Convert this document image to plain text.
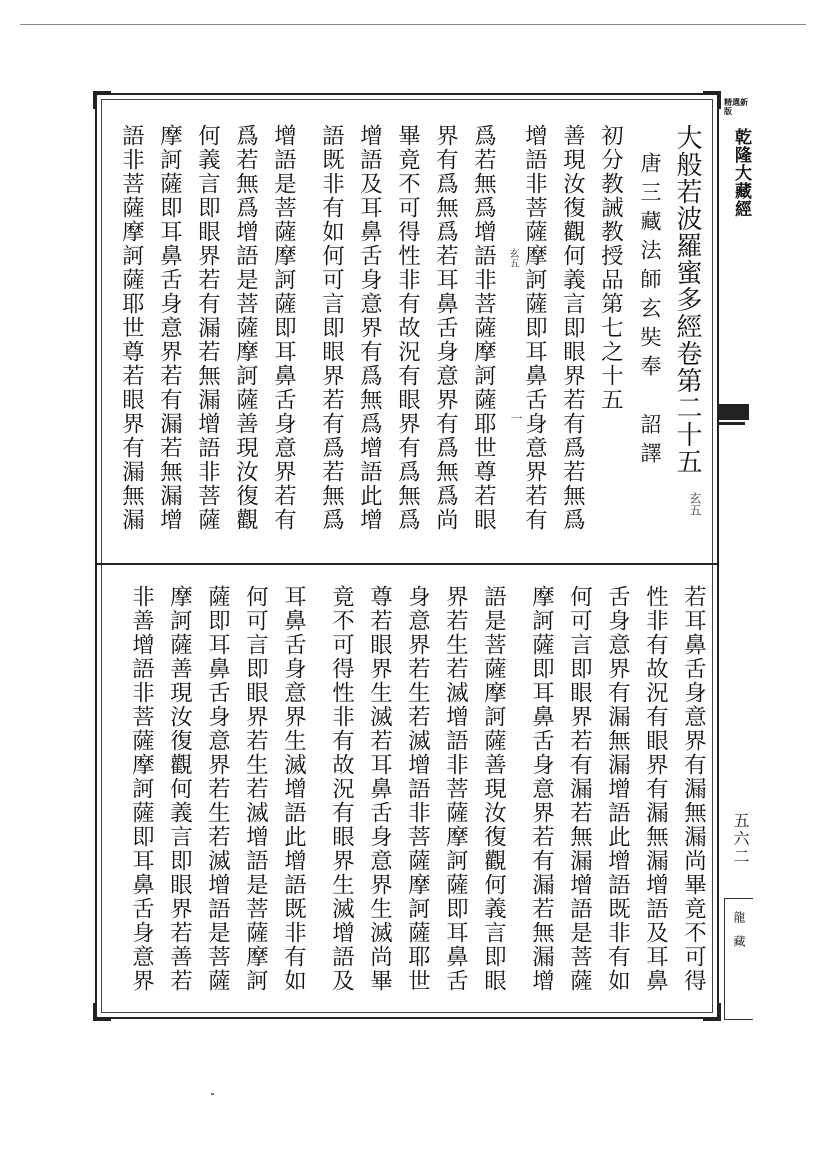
大般若波羅蜜多經卷第二十五
玄五
唐三藏法師玄奘奉　詔譯
初分教誡教授品第七之十五
善現汝復觀何義言即眼界若有爲若無爲
增語非菩薩摩訶薩即耳鼻舌身意界若有
爲若無爲增語非菩薩摩訶薩耶世尊若眼
界有爲無爲若耳鼻舌身意界有爲無爲尚
畢竟不可得性非有故況有眼界有爲無爲
增語及耳鼻舌身意界有爲無爲增語此增
語既非有如何可言即眼界若有爲若無爲
增語是菩薩摩訶薩即耳鼻舌身意界若有
爲若無爲增語是菩薩摩訶薩善現汝復觀
何義言即眼界若有漏若無漏增語非菩薩
摩訶薩即耳鼻舌身意界若有漏若無漏增
語非菩薩摩訶薩耶世尊若眼界有漏無漏	玄五
一
若耳鼻舌身意界有漏無漏尚畢竟不可得
性非有故況有眼界有漏無漏增語及耳鼻
舌身意界有漏無漏增語此增語既非有如
何可言即眼界若有漏若無漏增語是菩薩
摩訶薩即耳鼻舌身意界若有漏若無漏增
語是菩薩摩訶薩善現汝復觀何義言即眼
界若生若滅增語非菩薩摩訶薩即耳鼻舌
身意界若生若滅增語非菩薩摩訶薩耶世
尊若眼界生滅若耳鼻舌身意界生滅尚畢
竟不可得性非有故況有眼界生滅增語及
耳鼻舌身意界生滅增語此增語既非有如
何可言即眼界若生若滅增語是菩薩摩訶
薩即耳鼻舌身意界若生若滅增語是菩薩
摩訶薩善現汝復觀何義言即眼界若善若
非善增語非菩薩摩訶薩即耳鼻舌身意界
精選新版
乾隆大藏經
五六二
龍　藏
